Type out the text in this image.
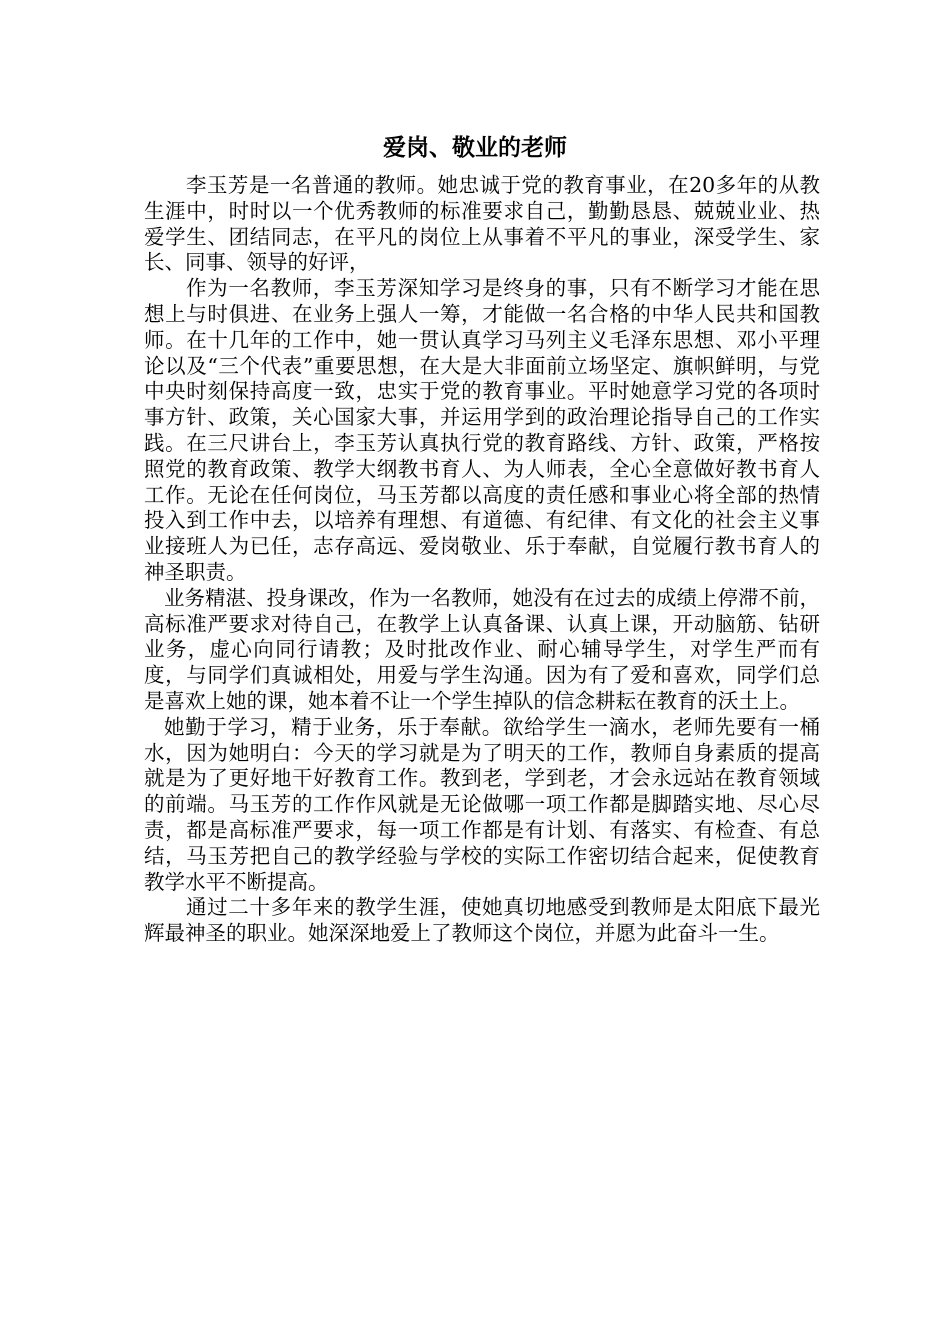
爱岗、敬业的老师

李玉芳是一名普通的教师。她忠诚于党的教育事业，在20多年的从教生涯中，时时以一个优秀教师的标准要求自己，勤勤恳恳、兢兢业业、热爱学生、团结同志，在平凡的岗位上从事着不平凡的事业，深受学生、家长、同事、领导的好评，

作为一名教师，李玉芳深知学习是终身的事，只有不断学习才能在思想上与时俱进、在业务上强人一筹，才能做一名合格的中华人民共和国教师。在十几年的工作中，她一贯认真学习马列主义毛泽东思想、邓小平理论以及“三个代表”重要思想，在大是大非面前立场坚定、旗帜鲜明，与党中央时刻保持高度一致，忠实于党的教育事业。平时她意学习党的各项时事方针、政策，关心国家大事，并运用学到的政治理论指导自己的工作实践。在三尺讲台上，李玉芳认真执行党的教育路线、方针、政策，严格按照党的教育政策、教学大纲教书育人、为人师表，全心全意做好教书育人工作。无论在任何岗位，马玉芳都以高度的责任感和事业心将全部的热情投入到工作中去，以培养有理想、有道德、有纪律、有文化的社会主义事业接班人为已任，志存高远、爱岗敬业、乐于奉献，自觉履行教书育人的神圣职责。

业务精湛、投身课改，作为一名教师，她没有在过去的成绩上停滞不前，高标准严要求对待自己，在教学上认真备课、认真上课，开动脑筋、钻研业务，虚心向同行请教；及时批改作业、耐心辅导学生，对学生严而有度，与同学们真诚相处，用爱与学生沟通。因为有了爱和喜欢，同学们总是喜欢上她的课，她本着不让一个学生掉队的信念耕耘在教育的沃土上。

她勤于学习，精于业务，乐于奉献。欲给学生一滴水，老师先要有一桶水，因为她明白：今天的学习就是为了明天的工作，教师自身素质的提高就是为了更好地干好教育工作。教到老，学到老，才会永远站在教育领域的前端。马玉芳的工作作风就是无论做哪一项工作都是脚踏实地、尽心尽责，都是高标准严要求，每一项工作都是有计划、有落实、有检查、有总结，马玉芳把自己的教学经验与学校的实际工作密切结合起来，促使教育教学水平不断提高。

通过二十多年来的教学生涯，使她真切地感受到教师是太阳底下最光辉最神圣的职业。她深深地爱上了教师这个岗位，并愿为此奋斗一生。
